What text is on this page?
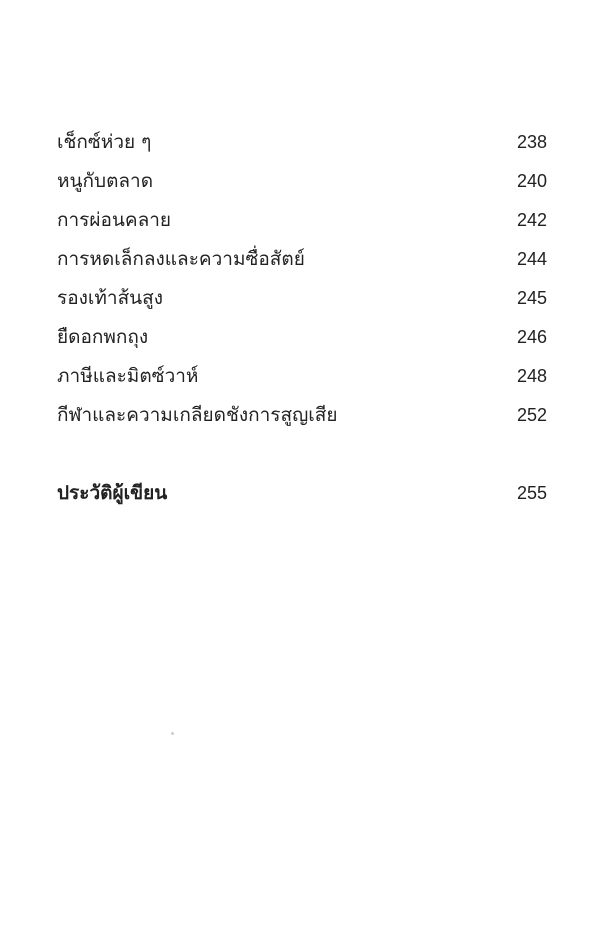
เช็กซ์ห่วย ๆ	238
หนูกับตลาด	240
การผ่อนคลาย	242
การหดเล็กลงและความซื่อสัตย์	244
รองเท้าส้นสูง	245
ยืดอกพกถุง	246
ภาษีและมิตซ์วาห์	248
กีฬาและความเกลียดชังการสูญเสีย	252
ประวัติผู้เขียน	255
